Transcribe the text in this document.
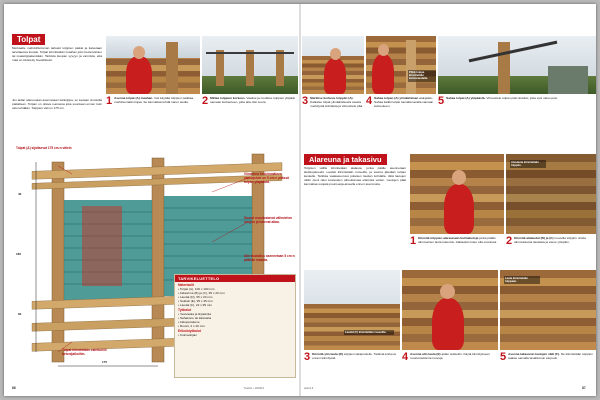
Tolpat
Merkaalle mahdollisimman tarkasti tolppien paikat ja kaivetaan tarvittaessa kuopat. Tolpat kiinnitetään maahan joko betonivaluun tai maatolppakenkään. Tarkista kuopan syvyys ja varmista, että maa on tiivistetty huolellisesti.
Jos aidan alareunaan asennetaan tukitolppa, se tuetaan vinotuilla paikalleen. Tolpan on oltava suorassa joka suuntaan ennen kuin valu tehdään. Tolppien väli on 175 cm.
1 Asenna tolpat (A) maahan. Voit käyttää tolppien paikkaa merkitsemään linjaa. Se kannattaa tehdä narun avulla.	2 Mittaa tolppien korkeus. Vaaitse ja merkitse tolppien yläpäät samaan korkeuteen, jotta aita olisi suora.
180
40
60
175
Tolpat (A) sijaitsevat 175 cm:n välein
Viimeinen keskimmäinen vaakajohde on 5 cm:n päässä tolpan yläpäästä.
Suorat muodostavat välimiehen rungon ja tukevat aitaa.
Alin laudoitus asennetaan 5 cm:n päähän maasta.
Tolpat kiinnitetään valettuihin betonijalkoihin.
TARVIKELUETTELO
Materiaalit
• Tolpat (A), 100 x 100 mm
• Aidasrima (B) ja (C), 95 x 20 mm
• Laudat (D), 95 x 20 mm
• Sokkeli (E), 95 x 45 mm
• Laudat (F), 22 x 95 mm
Työkalut
• Vesivaaka ja linjalanka
• Sahakone tai käsisaha
• Akkuporakone
• Ruuvit, 4 x 40 mm
Erikoistyökalut
• Kulmaohjain
86	TeeHot • 10/2013
Pitkä tolppa kiinnitetään kulmaraudalla.
3 Merkitse korkeus tolppiin (A). Katkaise tolpat ylimääräisestä osasta merkitystä kohdasta ja viimeistele pää. 4 Sahaa tolpan (A) ylimääräinen osa pois. Sahaa kaikki tolpat samalla tavalla samaan korkeuteen.	5 Sahaa tolpat (A) yläpäästä. Viimeistele tolpan pää viistoksi, jotta vesi valuu pois.
Alareuna ja takasivu
Tolppien välille kiinnitetään alalauta, jonka päälle asennetaan lankkupaneelit. Laudat kiinnitetään ruuveilla, ja sauma jätetään tolpan keskelle. Tarkista vaakasuoruus jokaisen laudan kohdalla. Jätä lautojen väliin pieni rako kosteuden aiheuttamaa elämistä varten. Lautojen päät kannattaa suojata puunsuoja-aineella ennen asennusta.
Aluslauta kiinnitetään tolppiin.
1 Kiinnitä tolppien alareunaan kulmaheloja jonka päälle alimmainen lauta tukeutuu. Alalaudan tulee olla suorassa. 2 Kiinnitä alalaudat (B) ja (C) ruuveilla tolppiin. Aloita alimmaisesta laudasta ja etene ylöspäin.
Laudat (F) kiinnitetään ruuveilla.
Lauta kiinnitetään tolppaan.
3 Kiinnitä ylin lauta (D) tolppien takapuolelle. Tarkista korkeus ennen kiinnitystä.	4 Asenna alin lauta (E) aidan sokkeliin. Käytä kiinnitykseen ruostumattomia ruuveja.	5 Asenna takasivun lautojen välit (F). Ne kiinnitetään tolppien taakse samalla tavalla kuin etupuoli.
teehot.fi	87
